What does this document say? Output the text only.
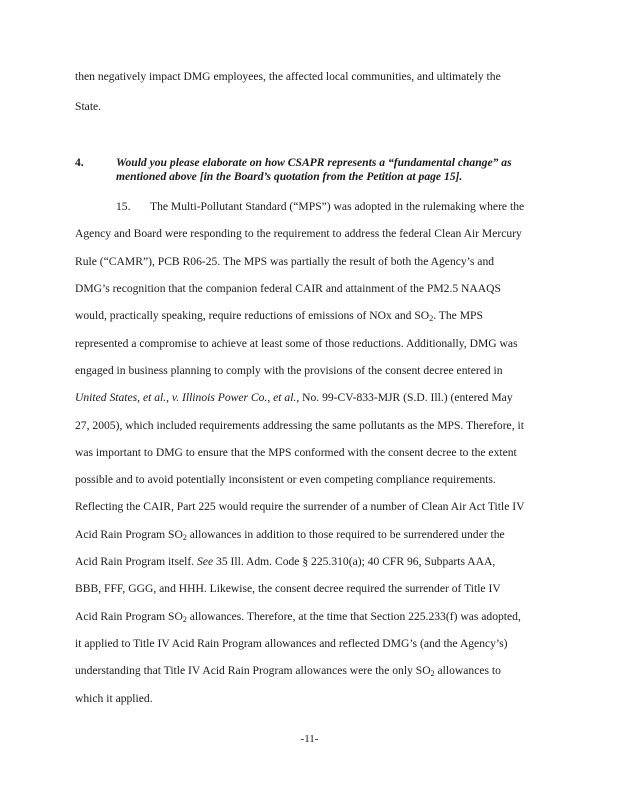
then negatively impact DMG employees, the affected local communities, and ultimately the
State.
4.	Would you please elaborate on how CSAPR represents a “fundamental change” as
mentioned above [in the Board’s quotation from the Petition at page 15].
15. The Multi-Pollutant Standard (“MPS”) was adopted in the rulemaking where the
Agency and Board were responding to the requirement to address the federal Clean Air Mercury
Rule (“CAMR”), PCB R06-25. The MPS was partially the result of both the Agency’s and
DMG’s recognition that the companion federal CAIR and attainment of the PM2.5 NAAQS
would, practically speaking, require reductions of emissions of NOx and $SO_2$. The MPS
represented a compromise to achieve at least some of those reductions. Additionally, DMG was
engaged in business planning to comply with the provisions of the consent decree entered in
United States, et al., v. Illinois Power Co., et al., No. 99-CV-833-MJR (S.D. Ill.) (entered May
27, 2005), which included requirements addressing the same pollutants as the MPS. Therefore, it
was important to DMG to ensure that the MPS conformed with the consent decree to the extent
possible and to avoid potentially inconsistent or even competing compliance requirements.
Reflecting the CAIR, Part 225 would require the surrender of a number of Clean Air Act Title IV
Acid Rain Program $SO_2$ allowances in addition to those required to be surrendered under the
Acid Rain Program itself. See 35 Ill. Adm. Code § 225.310(a); 40 CFR 96, Subparts AAA,
BBB, FFF, GGG, and HHH. Likewise, the consent decree required the surrender of Title IV
Acid Rain Program $SO_2$ allowances. Therefore, at the time that Section 225.233(f) was adopted,
it applied to Title IV Acid Rain Program allowances and reflected DMG’s (and the Agency’s)
understanding that Title IV Acid Rain Program allowances were the only $SO_2$ allowances to
which it applied.
-11-
